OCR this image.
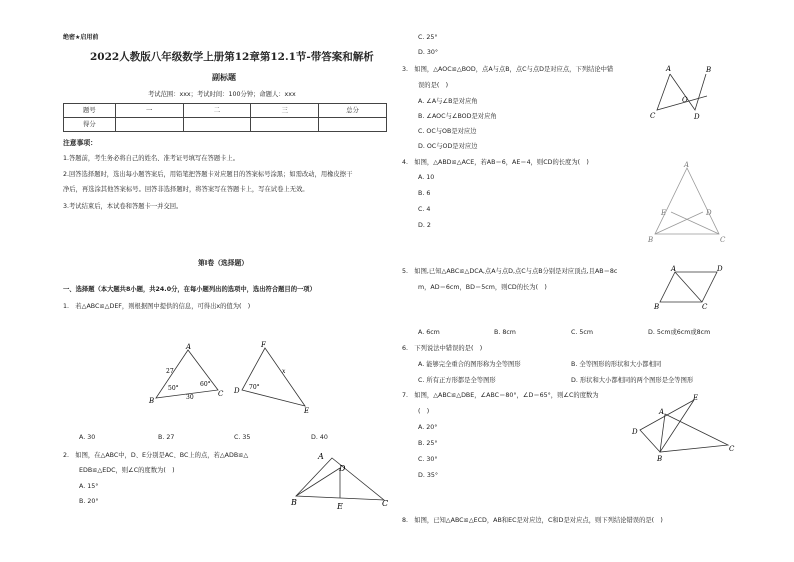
绝密★启用前
2022人教版八年级数学上册第12章第12.1节-带答案和解析
副标题
考试范围：xxx；考试时间：100分钟；命题人：xxx
题号	一	二	三	总分
得分				
注意事项：
1.答题前，考生务必将自己的姓名、准考证号填写在答题卡上。
2.回答选择题时，选出每小题答案后，用铅笔把答题卡对应题目的答案标号涂黑；如需改动，用橡皮擦干
净后，再选涂其他答案标号。回答非选择题时，将答案写在答题卡上，写在试卷上无效。
3.考试结束后，本试卷和答题卡一并交回。
第I卷（选择题）
一、选择题（本大题共8小题，共24.0分，在每小题列出的选项中，选出符合题目的一项）
1.　若△ABC≌△DEF，则根据图中提供的信息，可得出x的值为(　)
A
B
C D
E
F
x
27
30
50°
60°	70°
A. 30	B. 27	C. 35	D. 40
2.　如图，在△ABC中，D、E分别是AC、BC上的点，若△ADB≌△
EDB≌△EDC，则∠C的度数为(　)
A. 15°
B. 20°
A
D
B	E	C
C. 25°
D. 30°
3.　如图，△AOC≌△BOD，点A与点B，点C与点D是对应点，下列结论中错
误的是(　)
A. ∠A与∠B是对应角
B. ∠AOC与∠BOD是对应角
C. OC与OB是对应边
D. OC与OD是对应边
A	B
O
C	D
4.　如图，△ABD≌△ACE，若AB＝6，AE＝4，则CD的长度为(　)
A. 10
B. 6
C. 4
D. 2
A
E	D
B	C
5.　如图,已知△ABC≌△DCA,点A与点D,点C与点B分别是对应顶点,且AB＝8c
m，AD＝6cm，BD＝5cm，则CD的长为(　)
A	D
B	C
A. 6cm	B. 8cm	C. 5cm	D. 5cm或6cm或8cm
6.　下列说法中错误的是(　)
A. 能够完全重合的图形称为全等图形	B. 全等图形的形状和大小都相同
C. 所有正方形都是全等图形	D. 形状和大小都相同的两个图形是全等图形
7.　如图，△ABC≌△DBE，∠ABC＝80°，∠D＝65°，则∠C的度数为
(　)
A. 20°
B. 25°
C. 30°
D. 35°
E
A
D
B
C
8.　如图，已知△ABC≌△ECD，AB和EC是对应边，C和D是对应点，则下列结论错误的是(　)
